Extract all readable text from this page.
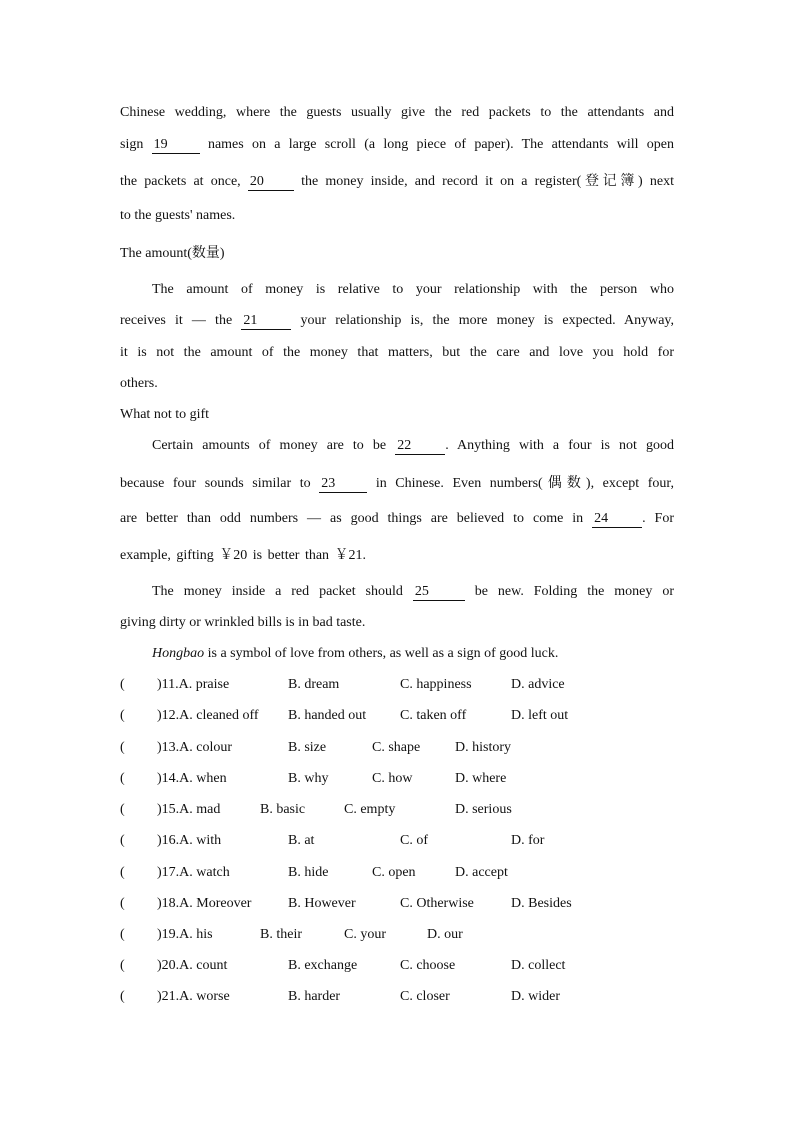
Chinese wedding, where the guests usually give the red packets to the attendants and
sign 19	names on a large scroll (a long piece of paper). The attendants will open
the packets at once, 20	the money inside, and record it on a register(登记簿) next
to the guests' names.
The amount(数量)
The amount of money is relative to your relationship with the person who
receives it — the 21	your relationship is, the more money is expected. Anyway,
it is not the amount of the money that matters, but the care and love you hold for
others.
What not to gift
Certain amounts of money are to be 22 . Anything with a four is not good
because four sounds similar to 23	in Chinese. Even numbers(偶数), except four,
are better than odd numbers — as good things are believed to come in 24 . For
example, gifting ￥20 is better than ￥21.
The money inside a red packet should 25	be new. Folding the money or
giving dirty or wrinkled bills is in bad taste.
Hongbao is a symbol of love from others, as well as a sign of good luck.
( )11.A. praise	B. dream	C. happiness	D. advice
( )12.A. cleaned off B. handed out C. taken off	D. left out
( )13.A. colour	B. size	C. shape D. history
( )14.A. when	B. why	C. how	D. where
( )15.A. mad	B. basic	C. empty	D. serious
( )16.A. with	B. at	C. of	D. for
( )17.A. watch	B. hide	C. open	D. accept
( )18.A. Moreover	B. However	C. Otherwise	D. Besides
( )19.A. his	B. their	C. your	D. our
( )20.A. count	B. exchange	C. choose	D. collect
( )21.A. worse	B. harder	C. closer	D. wider
